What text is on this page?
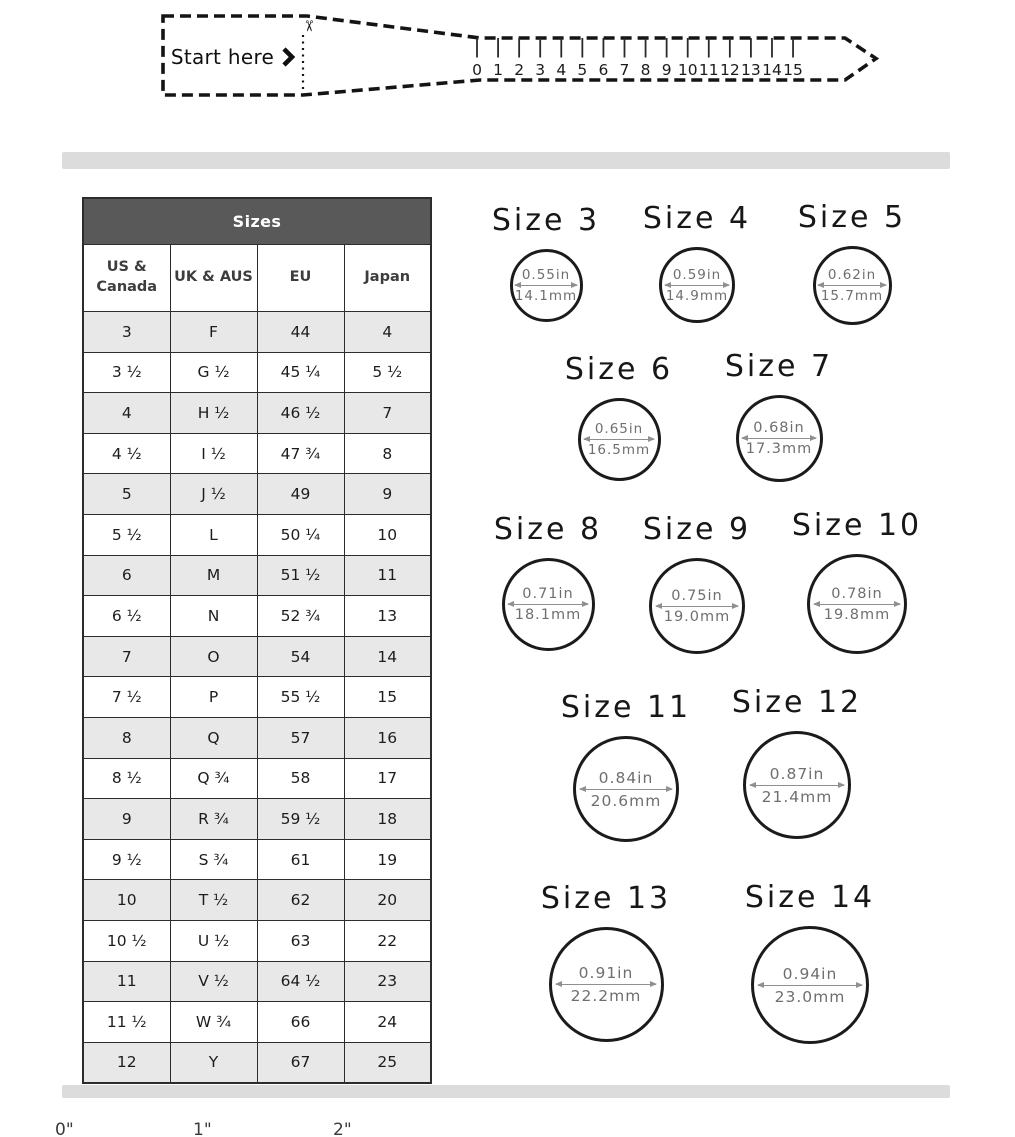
✂
0 1 2 3 4 5 6 7 8 9 10 11 12 13 14 15
Start here
Sizes			
US & Canada	UK & AUS	EU	Japan
3	F	44	4
3 ½	G ½	45 ¼	5 ½
4	H ½	46 ½	7
4 ½	I ½	47 ¾	8
5	J ½	49	9
5 ½	L	50 ¼	10
6	M	51 ½	11
6 ½	N	52 ¾	13
7	O	54	14
7 ½	P	55 ½	15
8	Q	57	16
8 ½	Q ¾	58	17
9	R ¾	59 ½	18
9 ½	S ¾	61	19
10	T ½	62	20
10 ½	U ½	63	22
11	V ½	64 ½	23
11 ½	W ¾	66	24
12	Y	67	25
Size 3
0.55in
14.1mm
Size 4
0.59in
14.9mm
Size 5
0.62in
15.7mm
Size 6
0.65in
16.5mm
Size 7
0.68in
17.3mm
Size 8
0.71in
18.1mm
Size 9
0.75in
19.0mm
Size 10
0.78in
19.8mm
Size 11
0.84in
20.6mm
Size 12
0.87in
21.4mm
Size 13
0.91in
22.2mm
Size 14
0.94in
23.0mm
0"	1"	2"
